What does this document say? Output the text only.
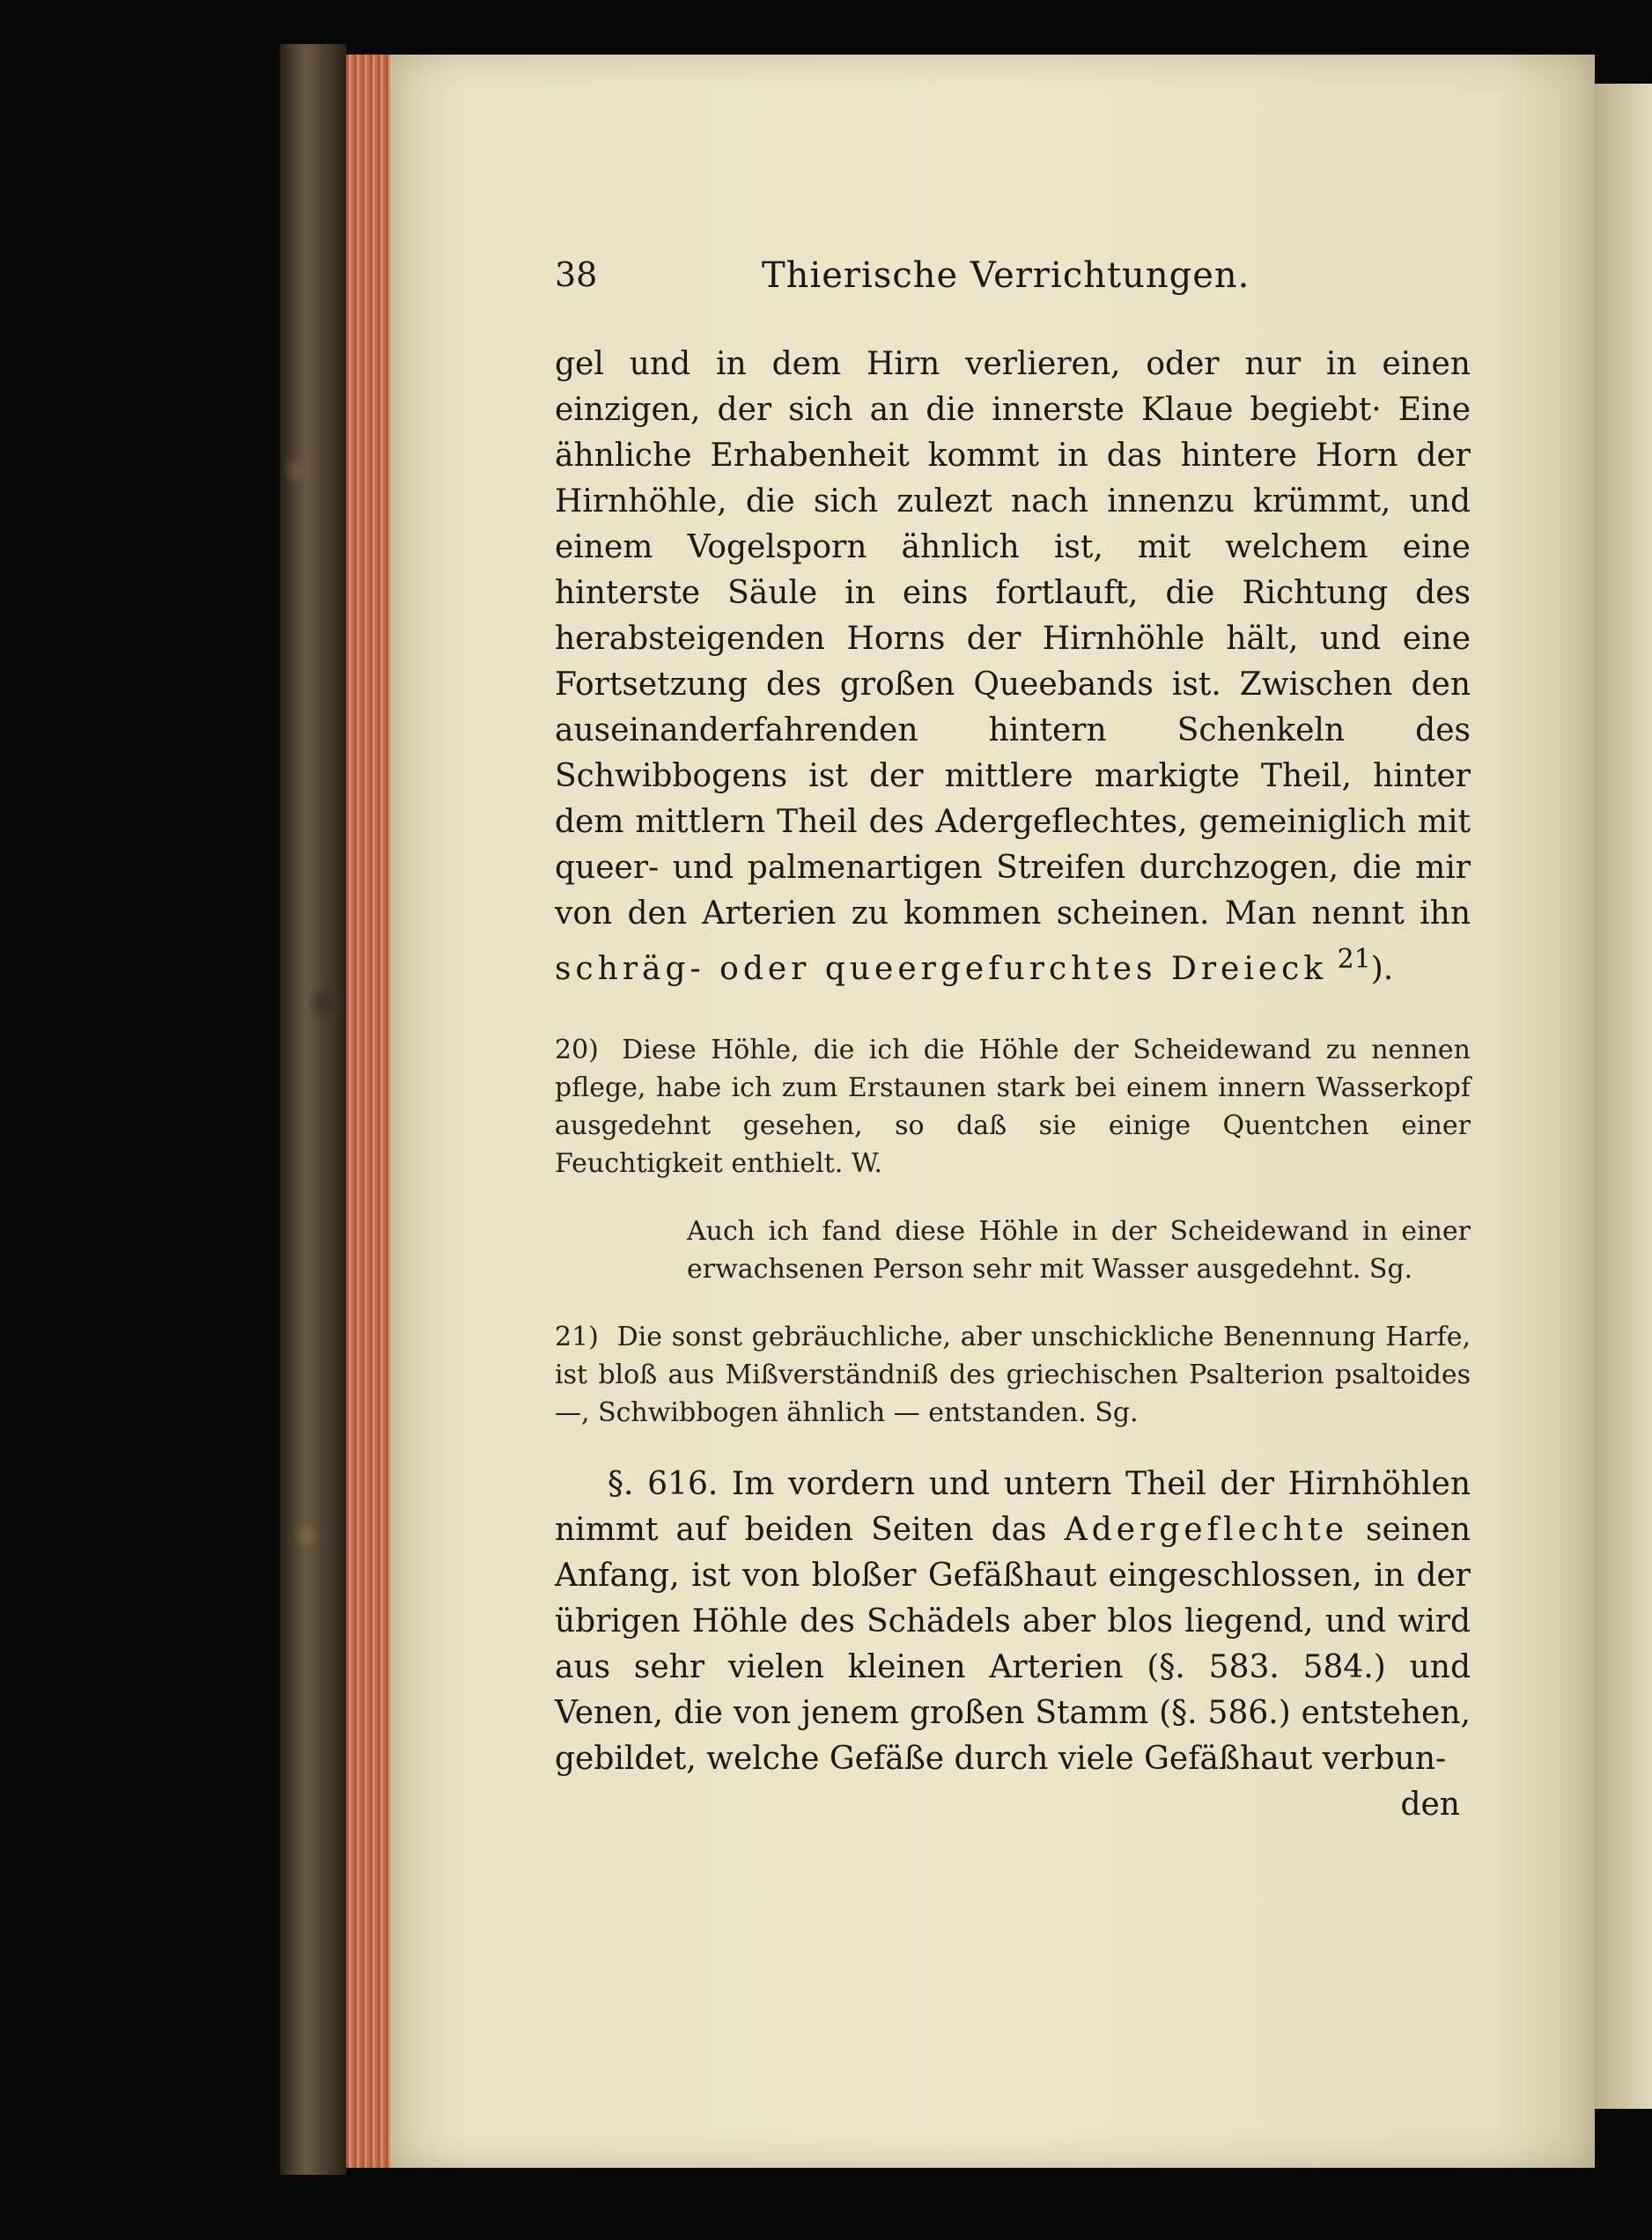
38	Thierische Verrichtungen.

gel und in dem Hirn verlieren, oder nur in einen einzigen, der sich an die innerste Klaue begiebt· Eine ähnliche Erhabenheit kommt in das hintere Horn der Hirnhöhle, die sich zulezt nach innenzu krümmt, und einem Vogelsporn ähnlich ist, mit welchem eine hinterste Säule in eins fortlauft, die Richtung des herabsteigenden Horns der Hirnhöhle hält, und eine Fortsetzung des großen Queebands ist. Zwischen den auseinanderfahrenden hintern Schenkeln des Schwibbogens ist der mittlere markigte Theil, hinter dem mittlern Theil des Adergeflechtes, gemeiniglich mit queer- und palmenartigen Streifen durchzogen, die mir von den Arterien zu kommen scheinen. Man nennt ihn schräg- oder queergefurchtes Dreieck $^{21}$).

20) Diese Höhle, die ich die Höhle der Scheidewand zu nennen pflege, habe ich zum Erstaunen stark bei einem innern Wasserkopf ausgedehnt gesehen, so daß sie einige Quentchen einer Feuchtigkeit enthielt. W.

Auch ich fand diese Höhle in der Scheidewand in einer erwachsenen Person sehr mit Wasser ausgedehnt. Sg.

21) Die sonst gebräuchliche, aber unschickliche Benennung Harfe, ist bloß aus Mißverständniß des griechischen Psalterion psaltoides —, Schwibbogen ähnlich — entstanden. Sg.

§. 616. Im vordern und untern Theil der Hirnhöhlen nimmt auf beiden Seiten das Adergeflechte seinen Anfang, ist von bloßer Gefäßhaut eingeschlossen, in der übrigen Höhle des Schädels aber blos liegend, und wird aus sehr vielen kleinen Arterien (§. 583. 584.) und Venen, die von jenem großen Stamm (§. 586.) entstehen, gebildet, welche Gefäße durch viele Gefäßhaut verbun-

den
